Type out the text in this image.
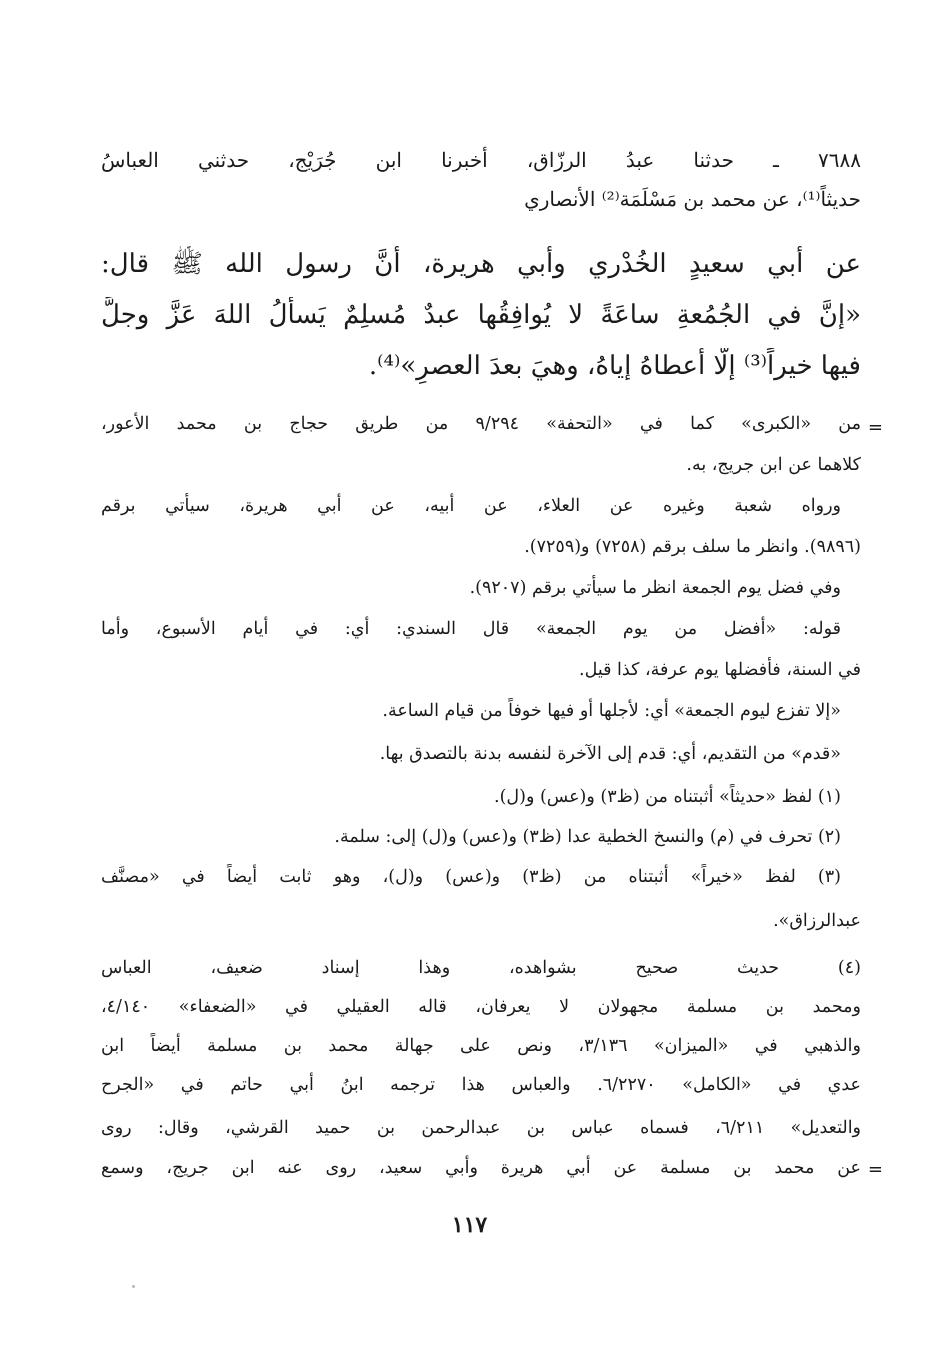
٧٦٨٨ ـ حدثنا عبدُ الرزّاق، أخبرنا ابن جُرَيْج، حدثني العباسُ
حديثاً⁽¹⁾، عن محمد بن مَسْلَمَة⁽²⁾ الأنصاري
عن أبي سعيدٍ الخُدْري وأبي هريرة، أَنَّ رسول الله ﷺ قال:
«إنَّ في الجُمُعةِ ساعَةً لا يُوافِقُها عبدٌ مُسلِمٌ يَسأَلُ اللهَ عَزَّ وجلَّ
فيها خيراً⁽³⁾ إلَّا أَعطاهُ إياهُ، وهيَ بعدَ العصرِ»⁽⁴⁾.
=
من «الكبرى» كما في «التحفة» ٩/٢٩٤ من طريق حجاج بن محمد الأعور،
كلاهما عن ابن جريج، به.
ورواه شعبة وغيره عن العلاء، عن أبيه، عن أبي هريرة، سيأتي برقم
(٩٨٩٦). وانظر ما سلف برقم (٧٢٥٨) و(٧٢٥٩).
وفي فضل يوم الجمعة انظر ما سيأتي برقم (٩٢٠٧).
قوله: «أفضل من يوم الجمعة» قال السندي: أي: في أيام الأسبوع، وأما
في السنة، فأفضلها يوم عرفة، كذا قيل.
«إلا تفزع ليوم الجمعة» أي: لأجلها أو فيها خوفاً من قيام الساعة.
«قدم» من التقديم، أي: قدم إلى الآخرة لنفسه بدنة بالتصدق بها.
(١) لفظ «حديثاً» أثبتناه من (ظ٣) و(عس) و(ل).
(٢) تحرف في (م) والنسخ الخطية عدا (ظ٣) و(عس) و(ل) إلى: سلمة.
(٣) لفظ «خيراً» أثبتناه من (ظ٣) و(عس) و(ل)، وهو ثابت أيضاً في «مصنَّف
عبدالرزاق».
(٤) حديث صحيح بشواهده، وهذا إسناد ضعيف، العباس
ومحمد بن مسلمة مجهولان لا يعرفان، قاله العقيلي في «الضعفاء» ٤/١٤٠،
والذهبي في «الميزان» ٣/١٣٦، ونص على جهالة محمد بن مسلمة أيضاً ابن
عدي في «الكامل» ٦/٢٢٧٠. والعباس هذا ترجمه ابنُ أبي حاتم في «الجرح
والتعديل» ٦/٢١١، فسماه عباس بن عبدالرحمن بن حميد القرشي، وقال: روى
عن محمد بن مسلمة عن أبي هريرة وأبي سعيد، روى عنه ابن جريج، وسمع =
١١٧
